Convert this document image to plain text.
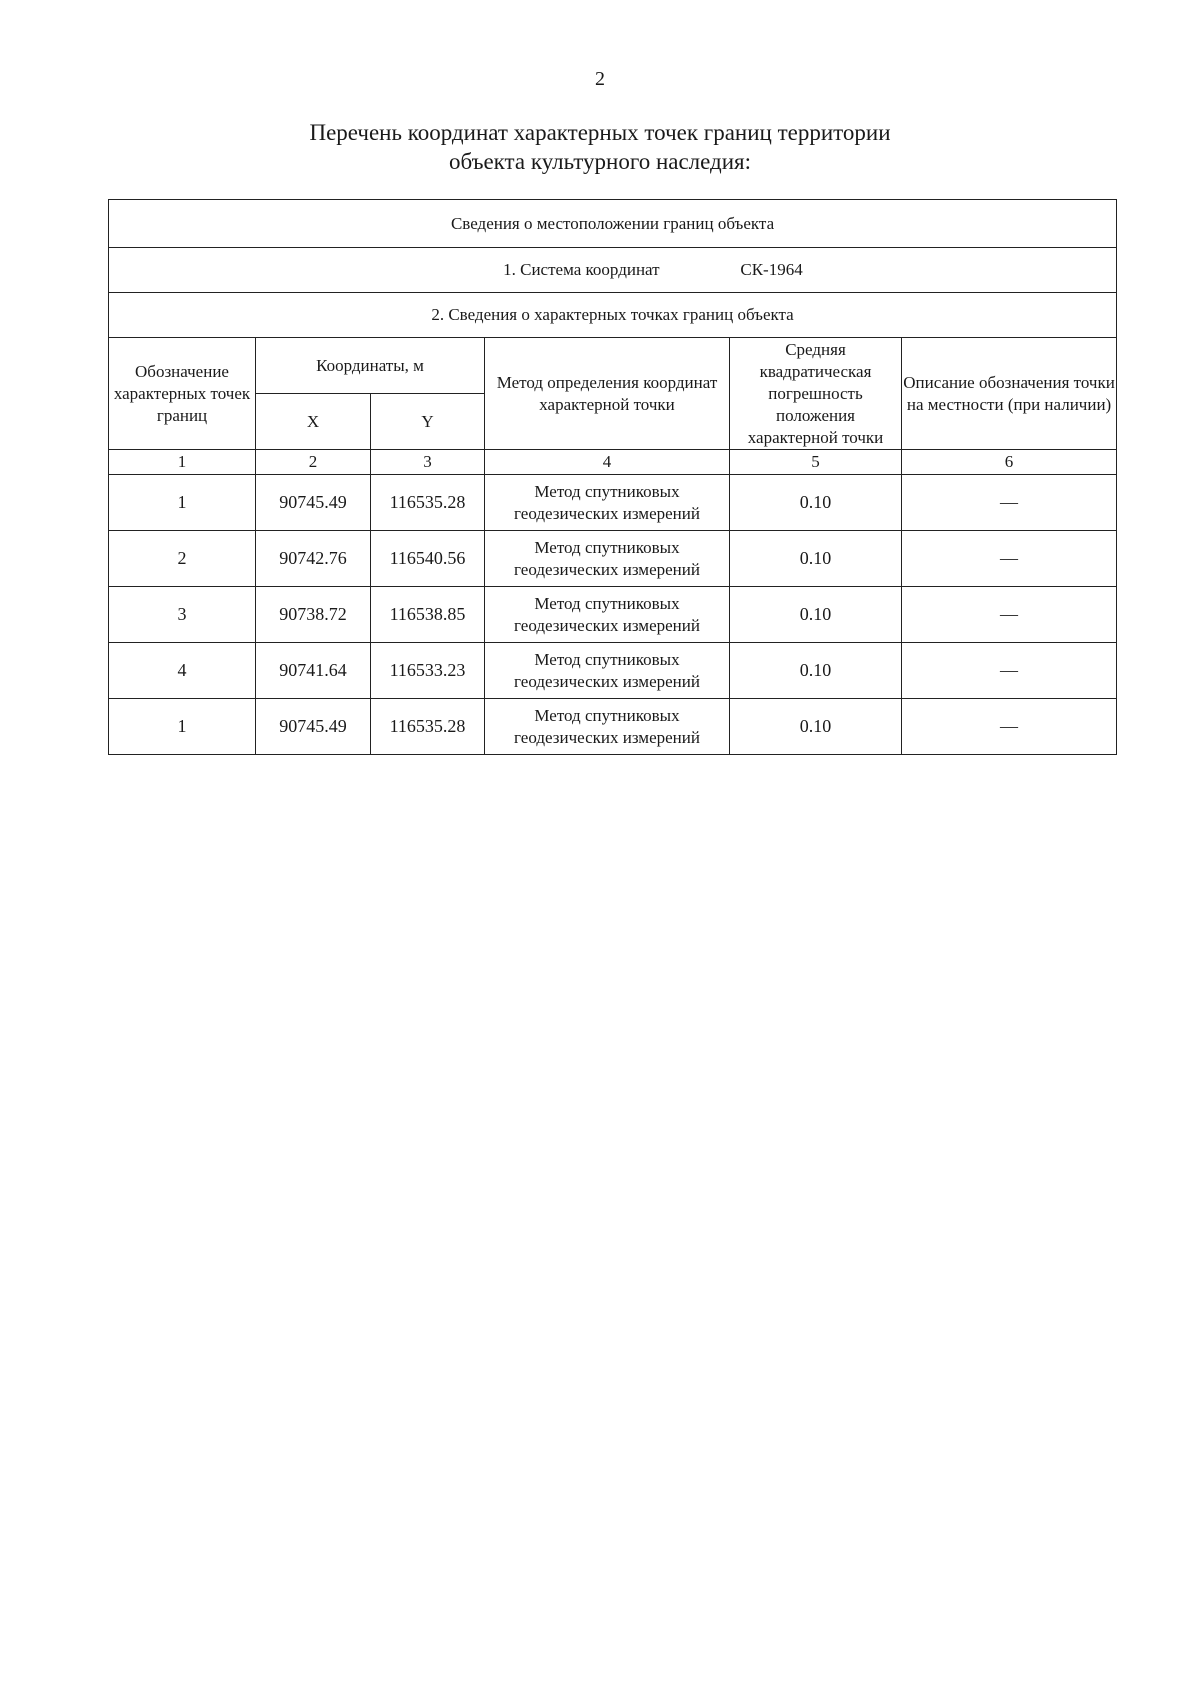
2
Перечень координат характерных точек границ территории
объекта культурного наследия:
Сведения о местоположении границ объекта					
1. Система координат СК-1964					
2. Сведения о характерных точках границ объекта					
Обозначение характерных точек границ	Координаты, м		Метод определения координат характерной точки	Средняя квадратическая погрешность положения характерной точки	Описание обозначения точки на местности (при наличии)
	X	Y			
1	2	3	4	5	6
1	90745.49	116535.28	Метод спутниковых геодезических измерений	0.10	—
2	90742.76	116540.56	Метод спутниковых геодезических измерений	0.10	—
3	90738.72	116538.85	Метод спутниковых геодезических измерений	0.10	—
4	90741.64	116533.23	Метод спутниковых геодезических измерений	0.10	—
1	90745.49	116535.28	Метод спутниковых геодезических измерений	0.10	—
